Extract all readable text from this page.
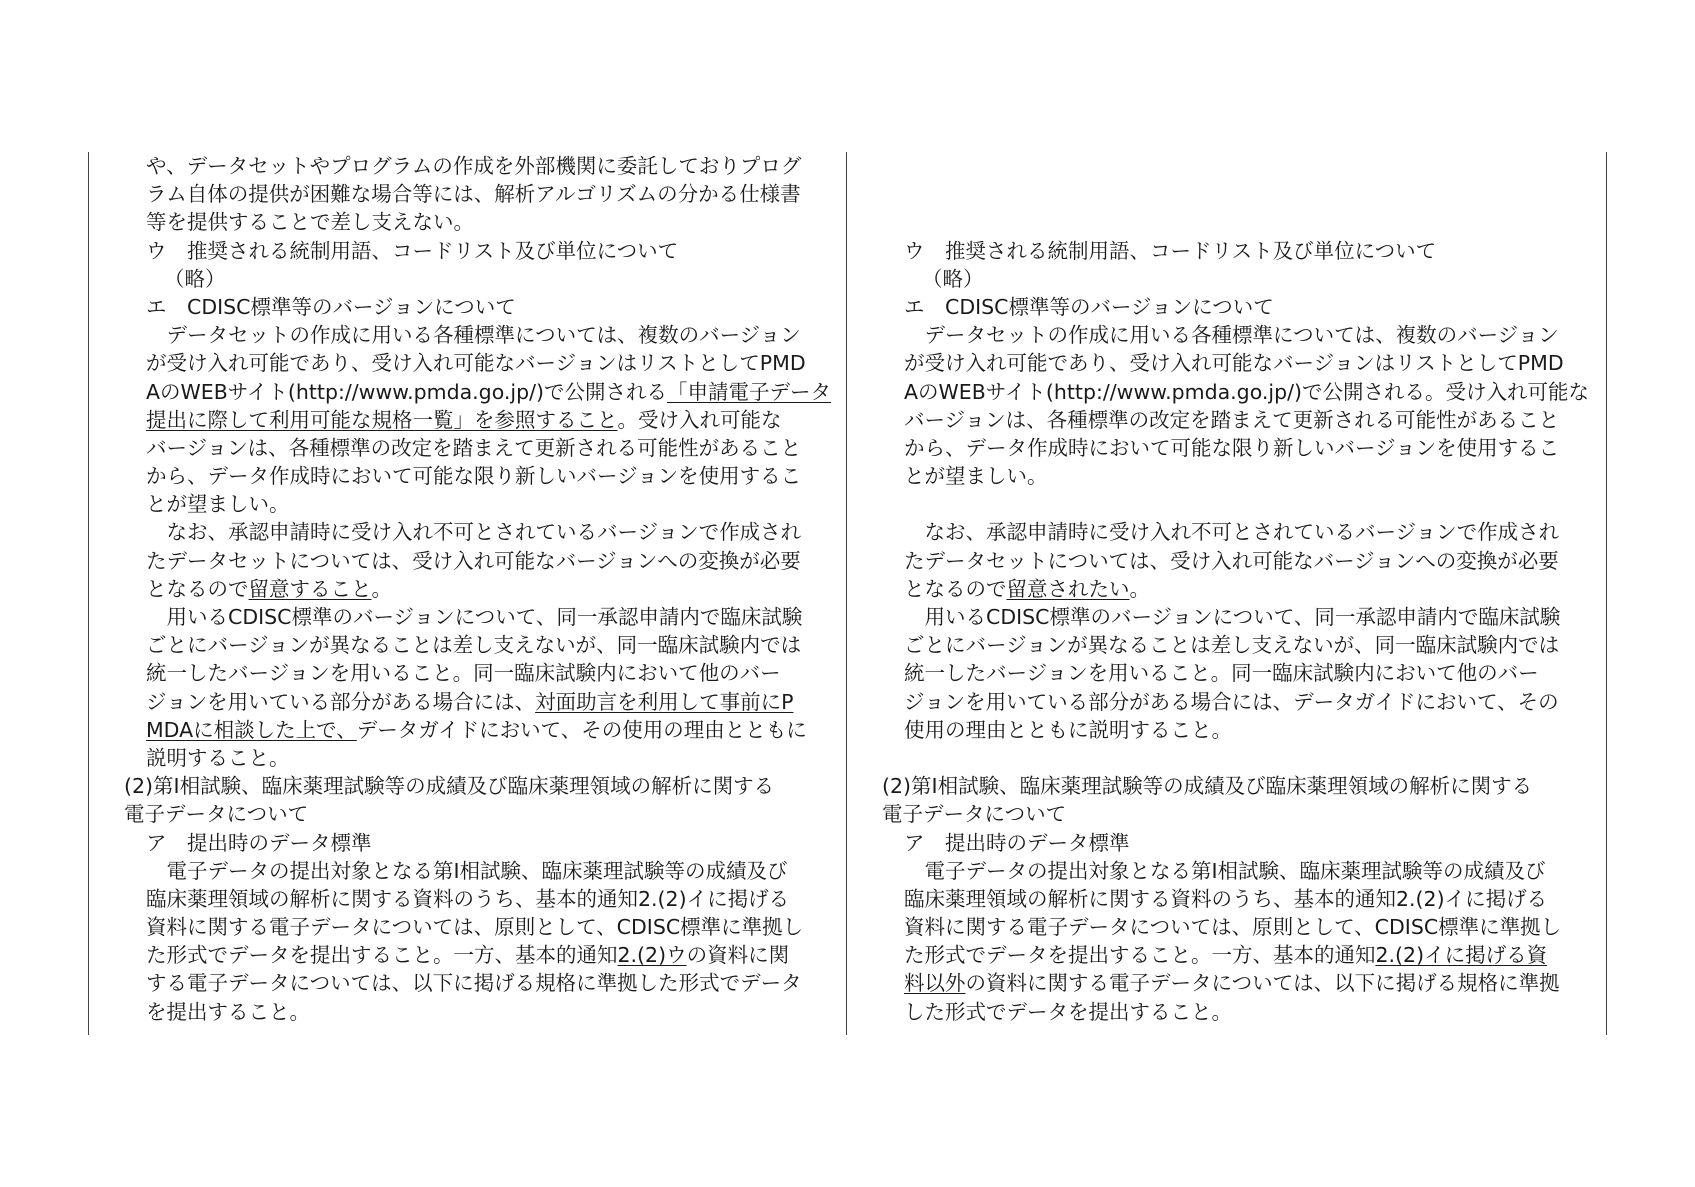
や、データセットやプログラムの作成を外部機関に委託しておりプログ
ラム自体の提供が困難な場合等には、解析アルゴリズムの分かる仕様書
等を提供することで差し支えない。
ウ　推奨される統制用語、コードリスト及び単位について
（略）
エ　CDISC標準等のバージョンについて
　データセットの作成に用いる各種標準については、複数のバージョン
が受け入れ可能であり、受け入れ可能なバージョンはリストとしてPMD
AのWEBサイト(http://www.pmda.go.jp/)で公開される「申請電子データ
提出に際して利用可能な規格一覧」を参照すること。受け入れ可能な
バージョンは、各種標準の改定を踏まえて更新される可能性があること
から、データ作成時において可能な限り新しいバージョンを使用するこ
とが望ましい。
　なお、承認申請時に受け入れ不可とされているバージョンで作成され
たデータセットについては、受け入れ可能なバージョンへの変換が必要
となるので留意すること。
　用いるCDISC標準のバージョンについて、同一承認申請内で臨床試験
ごとにバージョンが異なることは差し支えないが、同一臨床試験内では
統一したバージョンを用いること。同一臨床試験内において他のバー
ジョンを用いている部分がある場合には、対面助言を利用して事前にP
MDAに相談した上で、データガイドにおいて、その使用の理由とともに
説明すること。
(2)第Ⅰ相試験、臨床薬理試験等の成績及び臨床薬理領域の解析に関する
電子データについて
ア　提出時のデータ標準
　電子データの提出対象となる第Ⅰ相試験、臨床薬理試験等の成績及び
臨床薬理領域の解析に関する資料のうち、基本的通知2.(2)イに掲げる
資料に関する電子データについては、原則として、CDISC標準に準拠し
た形式でデータを提出すること。一方、基本的通知2.(2)ウの資料に関
する電子データについては、以下に掲げる規格に準拠した形式でデータ
を提出すること。
ウ　推奨される統制用語、コードリスト及び単位について
（略）
エ　CDISC標準等のバージョンについて
　データセットの作成に用いる各種標準については、複数のバージョン
が受け入れ可能であり、受け入れ可能なバージョンはリストとしてPMD
AのWEBサイト(http://www.pmda.go.jp/)で公開される。受け入れ可能な
バージョンは、各種標準の改定を踏まえて更新される可能性があること
から、データ作成時において可能な限り新しいバージョンを使用するこ
とが望ましい。
　なお、承認申請時に受け入れ不可とされているバージョンで作成され
たデータセットについては、受け入れ可能なバージョンへの変換が必要
となるので留意されたい。
　用いるCDISC標準のバージョンについて、同一承認申請内で臨床試験
ごとにバージョンが異なることは差し支えないが、同一臨床試験内では
統一したバージョンを用いること。同一臨床試験内において他のバー
ジョンを用いている部分がある場合には、データガイドにおいて、その
使用の理由とともに説明すること。
(2)第Ⅰ相試験、臨床薬理試験等の成績及び臨床薬理領域の解析に関する
電子データについて
ア　提出時のデータ標準
　電子データの提出対象となる第Ⅰ相試験、臨床薬理試験等の成績及び
臨床薬理領域の解析に関する資料のうち、基本的通知2.(2)イに掲げる
資料に関する電子データについては、原則として、CDISC標準に準拠し
た形式でデータを提出すること。一方、基本的通知2.(2)イに掲げる資
料以外の資料に関する電子データについては、以下に掲げる規格に準拠
した形式でデータを提出すること。
